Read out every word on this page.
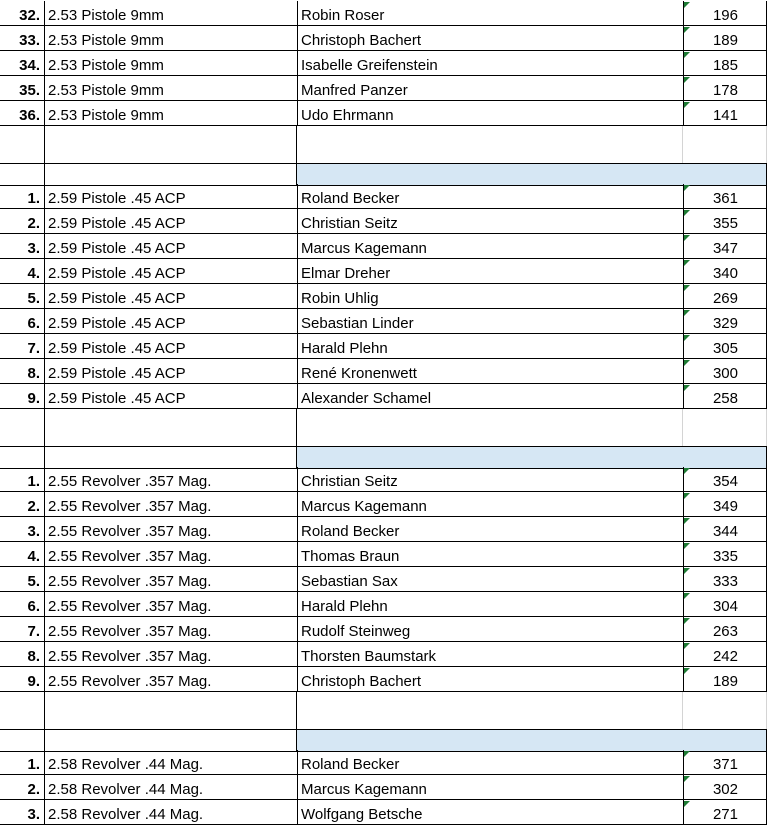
32. 2.53 Pistole 9mm	Robin Roser	196
33. 2.53 Pistole 9mm	Christoph Bachert	189
34. 2.53 Pistole 9mm	Isabelle Greifenstein	185
35. 2.53 Pistole 9mm	Manfred Panzer	178
36. 2.53 Pistole 9mm	Udo Ehrmann	141
1. 2.59 Pistole .45 ACP	Roland Becker	361
2. 2.59 Pistole .45 ACP	Christian Seitz	355
3. 2.59 Pistole .45 ACP	Marcus Kagemann	347
4. 2.59 Pistole .45 ACP	Elmar Dreher	340
5. 2.59 Pistole .45 ACP	Robin Uhlig	269
6. 2.59 Pistole .45 ACP	Sebastian Linder	329
7. 2.59 Pistole .45 ACP	Harald Plehn	305
8. 2.59 Pistole .45 ACP	René Kronenwett	300
9. 2.59 Pistole .45 ACP	Alexander Schamel	258
1. 2.55 Revolver .357 Mag.	Christian Seitz	354
2. 2.55 Revolver .357 Mag.	Marcus Kagemann	349
3. 2.55 Revolver .357 Mag.	Roland Becker	344
4. 2.55 Revolver .357 Mag.	Thomas Braun	335
5. 2.55 Revolver .357 Mag.	Sebastian Sax	333
6. 2.55 Revolver .357 Mag.	Harald Plehn	304
7. 2.55 Revolver .357 Mag.	Rudolf Steinweg	263
8. 2.55 Revolver .357 Mag.	Thorsten Baumstark	242
9. 2.55 Revolver .357 Mag.	Christoph Bachert	189
1. 2.58 Revolver .44 Mag.	Roland Becker	371
2. 2.58 Revolver .44 Mag.	Marcus Kagemann	302
3. 2.58 Revolver .44 Mag.	Wolfgang Betsche	271
